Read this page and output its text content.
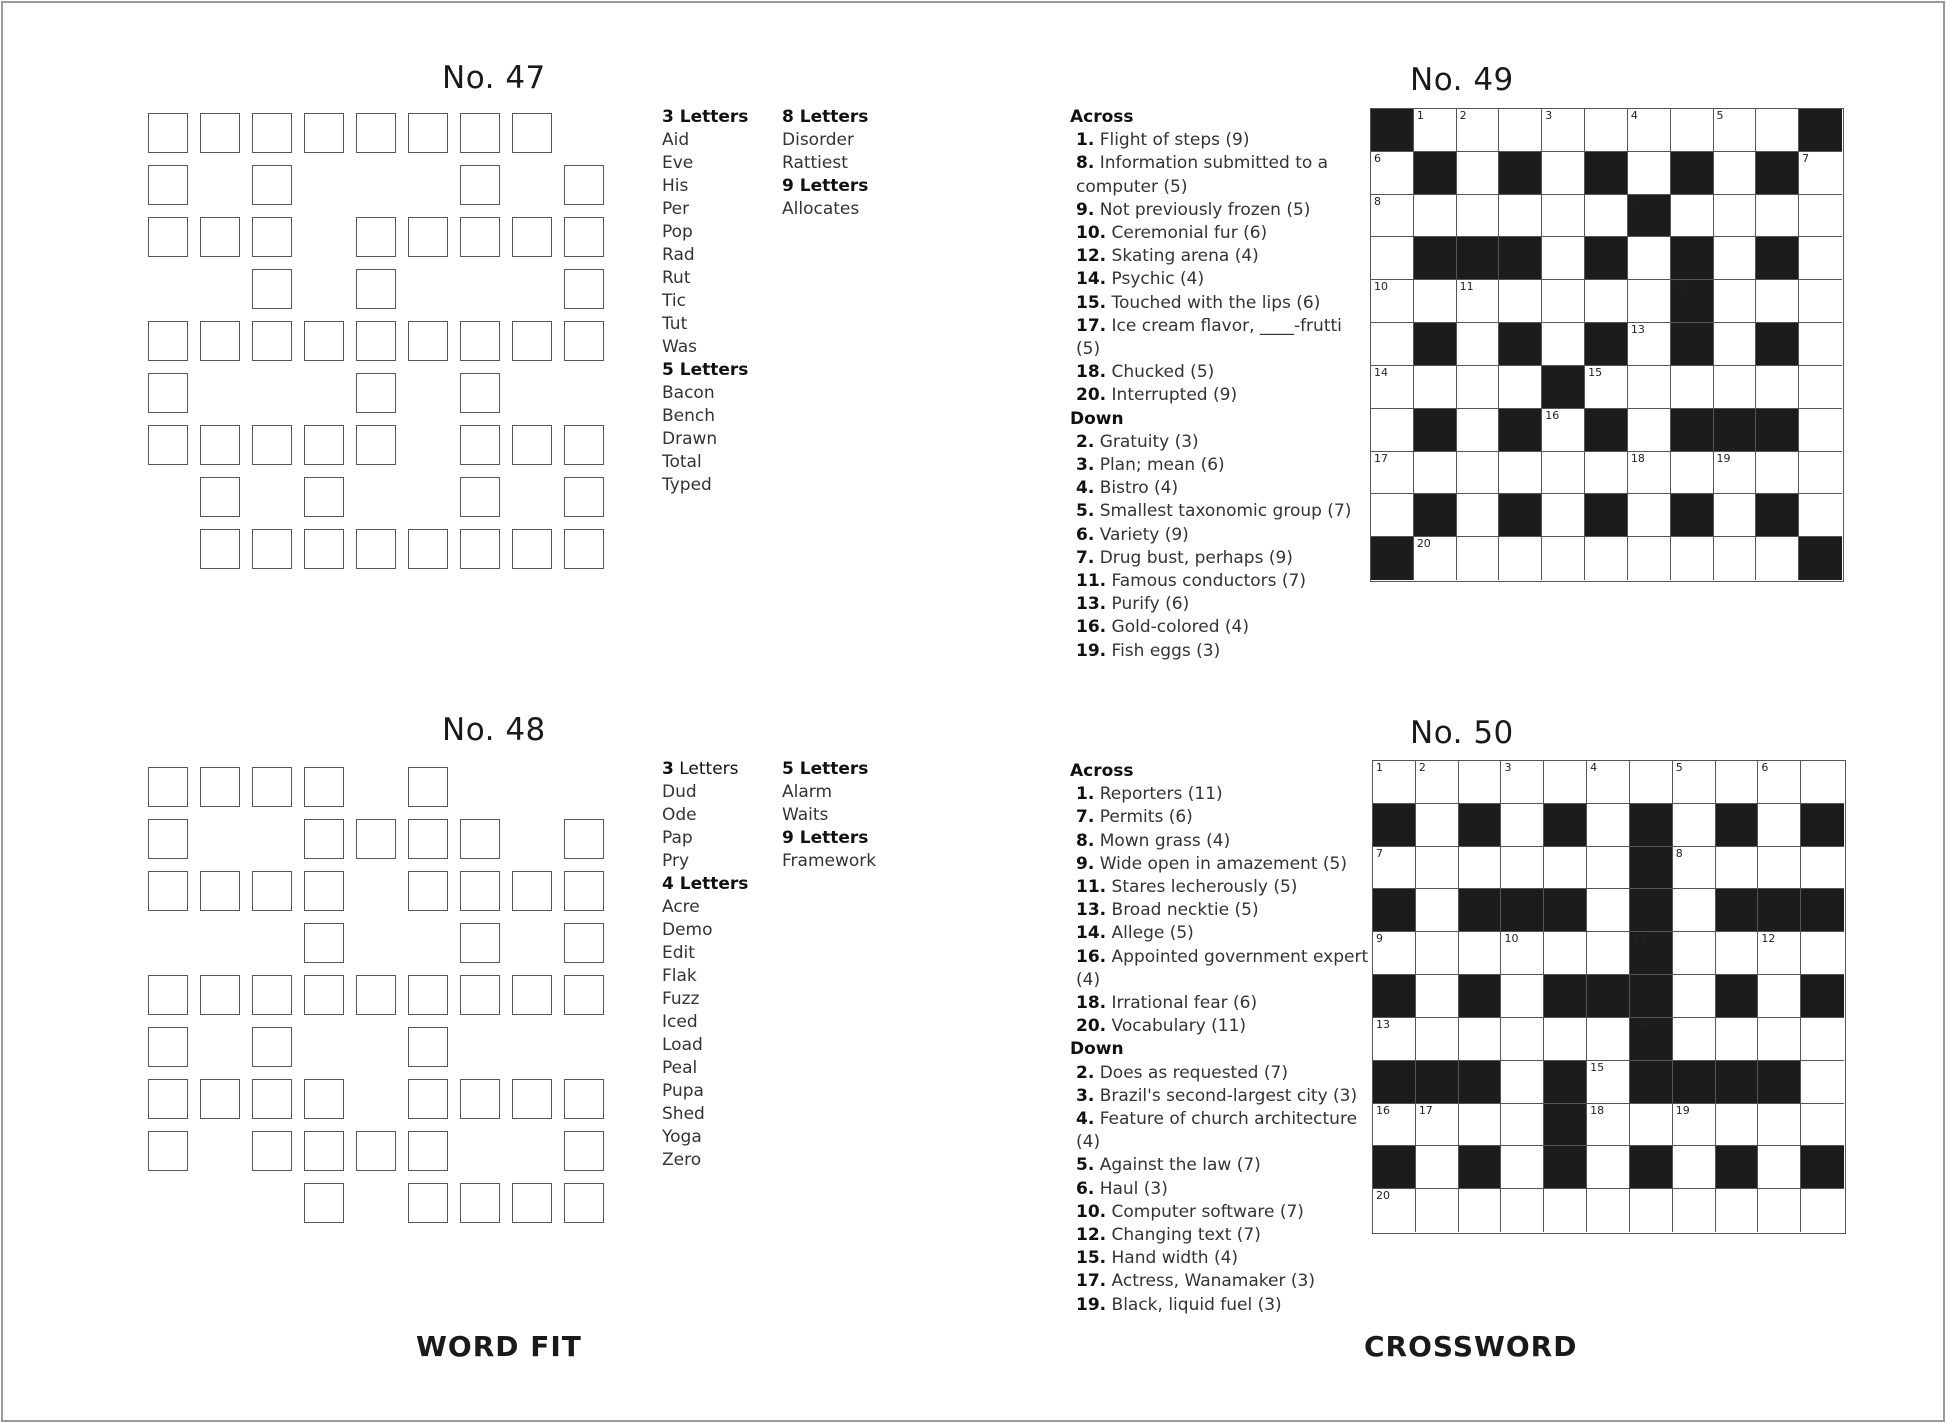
No. 47
No. 48
No. 49
No. 50
3 Letters
Aid
Eve
His
Per
Pop
Rad
Rut
Tic
Tut
Was
5 Letters
Bacon
Bench
Drawn
Total
Typed
8 Letters
Disorder
Rattiest
9 Letters
Allocates
3 Letters
Dud
Ode
Pap
Pry
4 Letters
Acre
Demo
Edit
Flak
Fuzz
Iced
Load
Peal
Pupa
Shed
Yoga
Zero
5 Letters
Alarm
Waits
9 Letters
Framework
Across
1. Flight of steps (9)
8. Information submitted to a computer (5)
9. Not previously frozen (5)
10. Ceremonial fur (6)
12. Skating arena (4)
14. Psychic (4)
15. Touched with the lips (6)
17. Ice cream flavor, ____-frutti (5)
18. Chucked (5)
20. Interrupted (9)
Down
2. Gratuity (3)
3. Plan; mean (6)
4. Bistro (4)
5. Smallest taxonomic group (7)
6. Variety (9)
7. Drug bust, perhaps (9)
11. Famous conductors (7)
13. Purify (6)
16. Gold-colored (4)
19. Fish eggs (3)
Across
1. Reporters (11)
7. Permits (6)
8. Mown grass (4)
9. Wide open in amazement (5)
11. Stares lecherously (5)
13. Broad necktie (5)
14. Allege (5)
16. Appointed government expert (4)
18. Irrational fear (6)
20. Vocabulary (11)
Down
2. Does as requested (7)
3. Brazil's second-largest city (3)
4. Feature of church architecture (4)
5. Against the law (7)
6. Haul (3)
10. Computer software (7)
12. Changing text (7)
15. Hand width (4)
17. Actress, Wanamaker (3)
19. Black, liquid fuel (3)
1	2	3	4	5
6	7
8	9
10	11	12
13
14	15
16
17	18	19
20
1	2	3	4	5	6
7	8
9	10	11	12
13	14
15
16	17	18	19
20
WORD FIT	CROSSWORD
